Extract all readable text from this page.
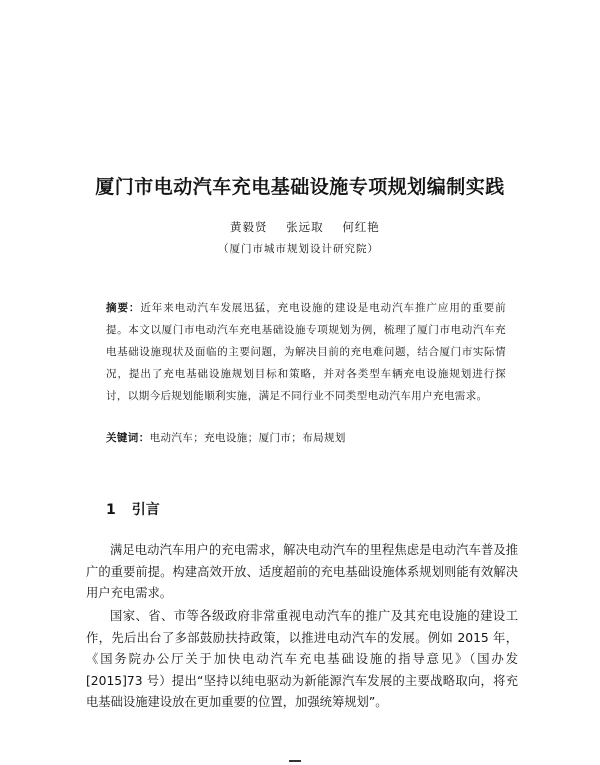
厦门市电动汽车充电基础设施专项规划编制实践
黄毅贤 张远取 何红艳
（厦门市城市规划设计研究院）
摘要：近年来电动汽车发展迅猛，充电设施的建设是电动汽车推广应用的重要前提。本文以厦门市电动汽车充电基础设施专项规划为例，梳理了厦门市电动汽车充电基础设施现状及面临的主要问题，为解决目前的充电难问题，结合厦门市实际情况，提出了充电基础设施规划目标和策略，并对各类型车辆充电设施规划进行探讨，以期今后规划能顺利实施，满足不同行业不同类型电动汽车用户充电需求。
关键词：电动汽车；充电设施；厦门市；布局规划
1 引言
满足电动汽车用户的充电需求，解决电动汽车的里程焦虑是电动汽车普及推广的重要前提。构建高效开放、适度超前的充电基础设施体系规划则能有效解决用户充电需求。
国家、省、市等各级政府非常重视电动汽车的推广及其充电设施的建设工作，先后出台了多部鼓励扶持政策，以推进电动汽车的发展。例如 2015 年，《国务院办公厅关于加快电动汽车充电基础设施的指导意见》（国办发 [2015]73 号）提出“坚持以纯电驱动为新能源汽车发展的主要战略取向，将充电基础设施建设放在更加重要的位置，加强统筹规划”。
